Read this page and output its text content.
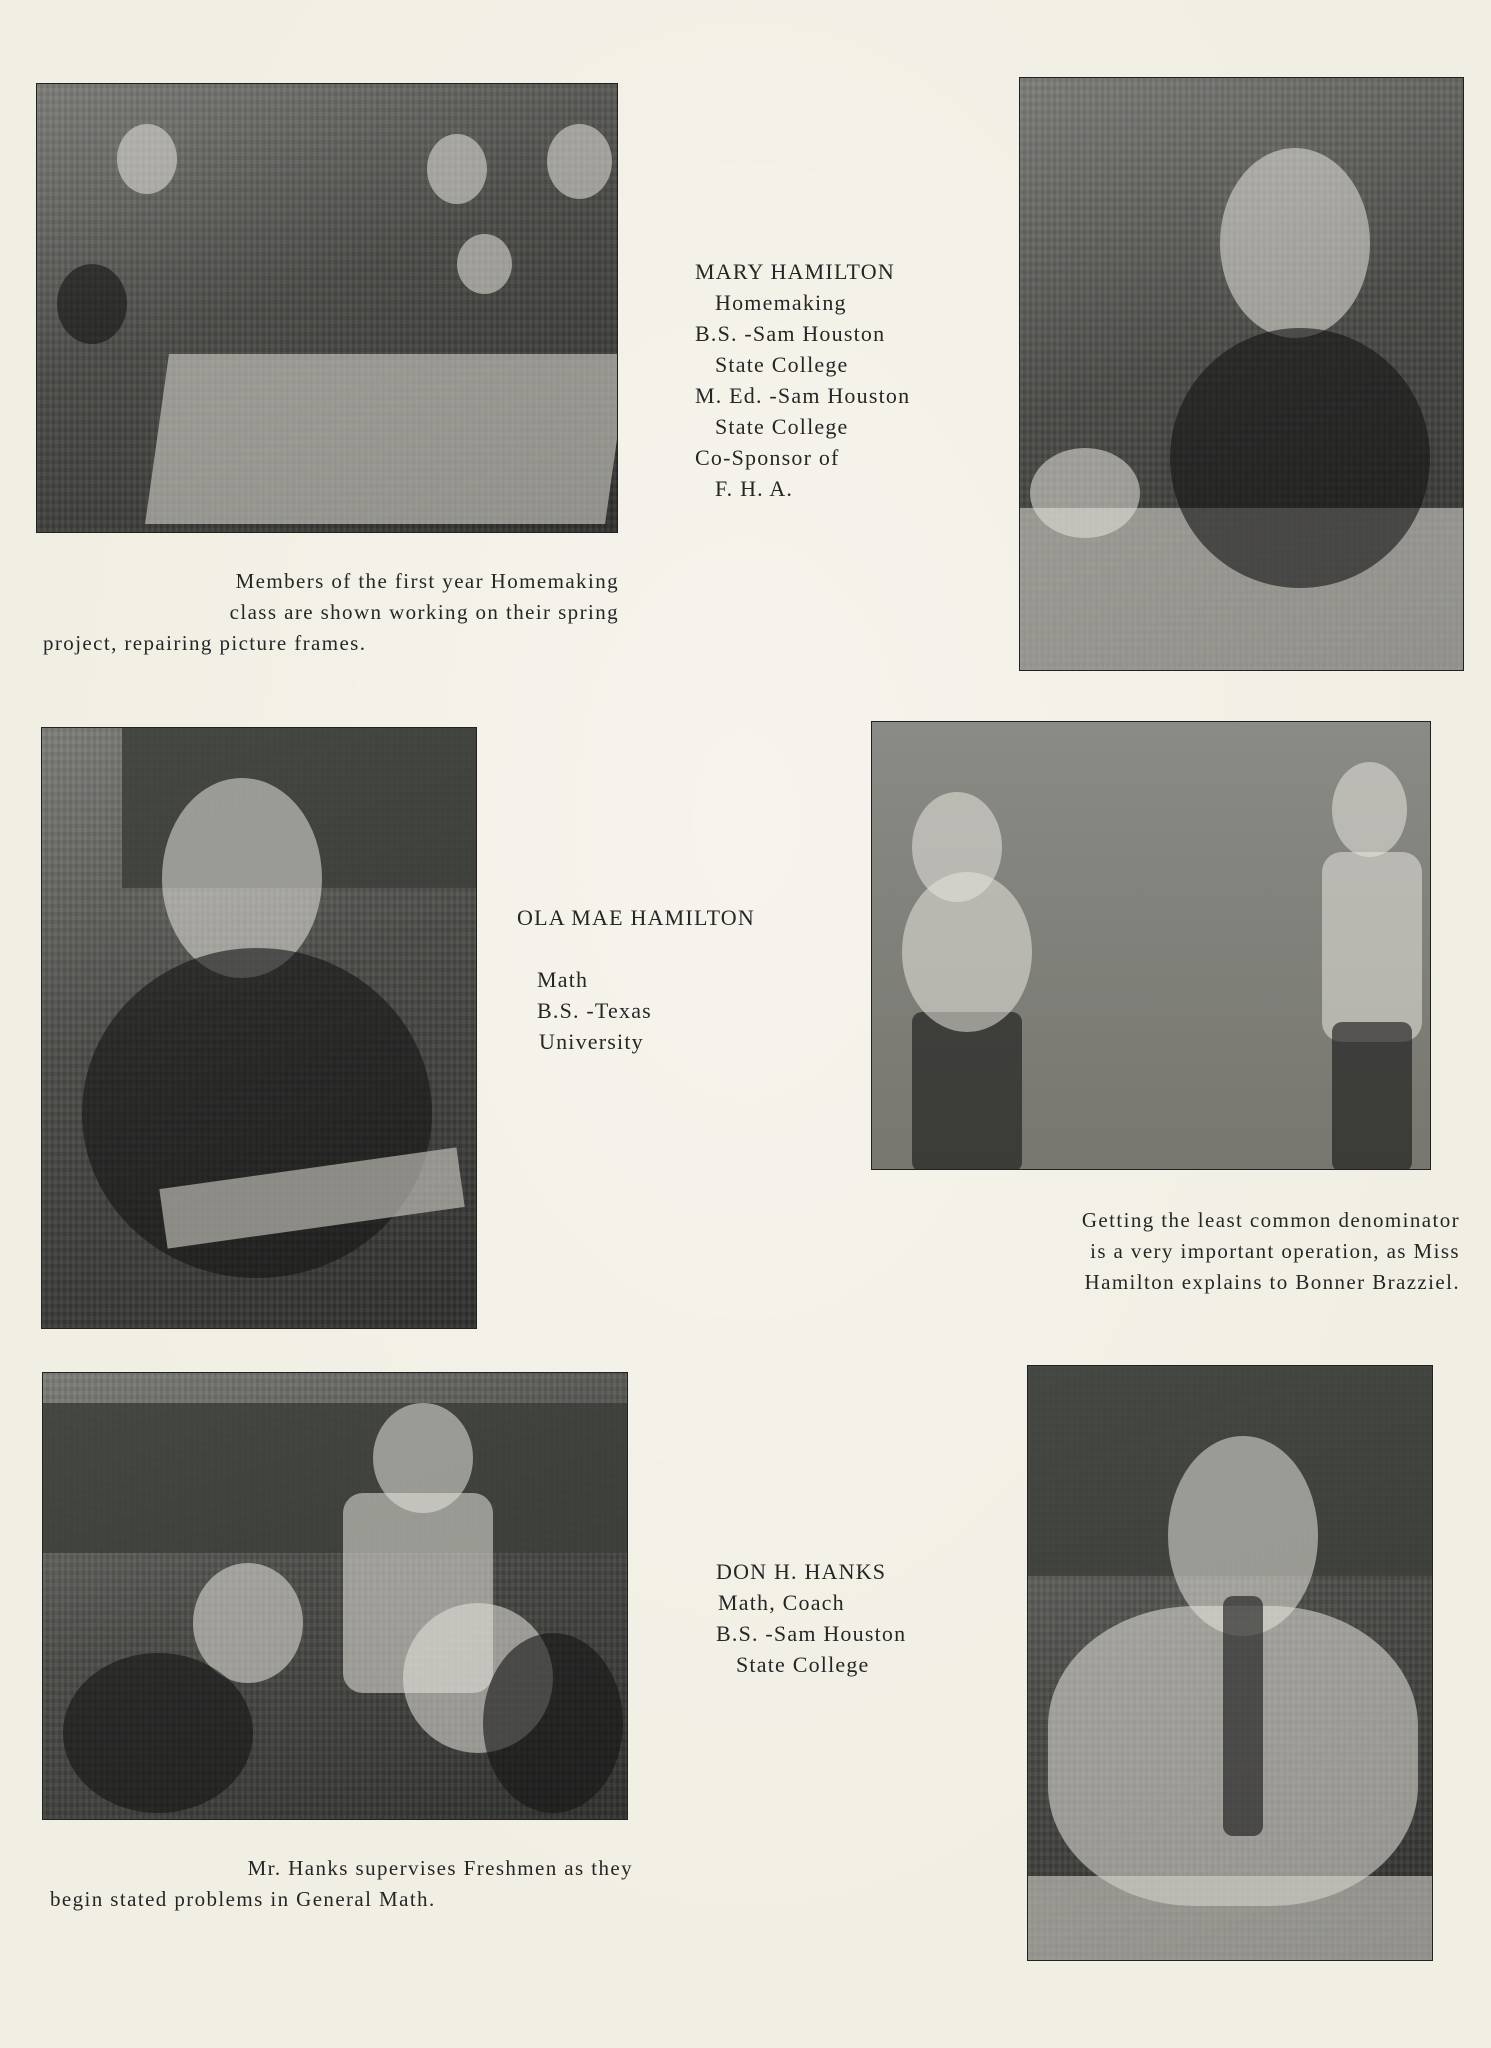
MARY HAMILTON
Homemaking
B.S. -Sam Houston
State College
M. Ed. -Sam Houston
State College
Co-Sponsor of
F. H. A.
Members of the first year Homemaking
class are shown working on their spring
project, repairing picture frames.
OLA MAE HAMILTON
Math
B.S. -Texas
University
Getting the least common denominator
is a very important operation, as Miss
Hamilton explains to Bonner Brazziel.
DON H. HANKS
Math, Coach
B.S. -Sam Houston
State College
Mr. Hanks supervises Freshmen as they
begin stated problems in General Math.
